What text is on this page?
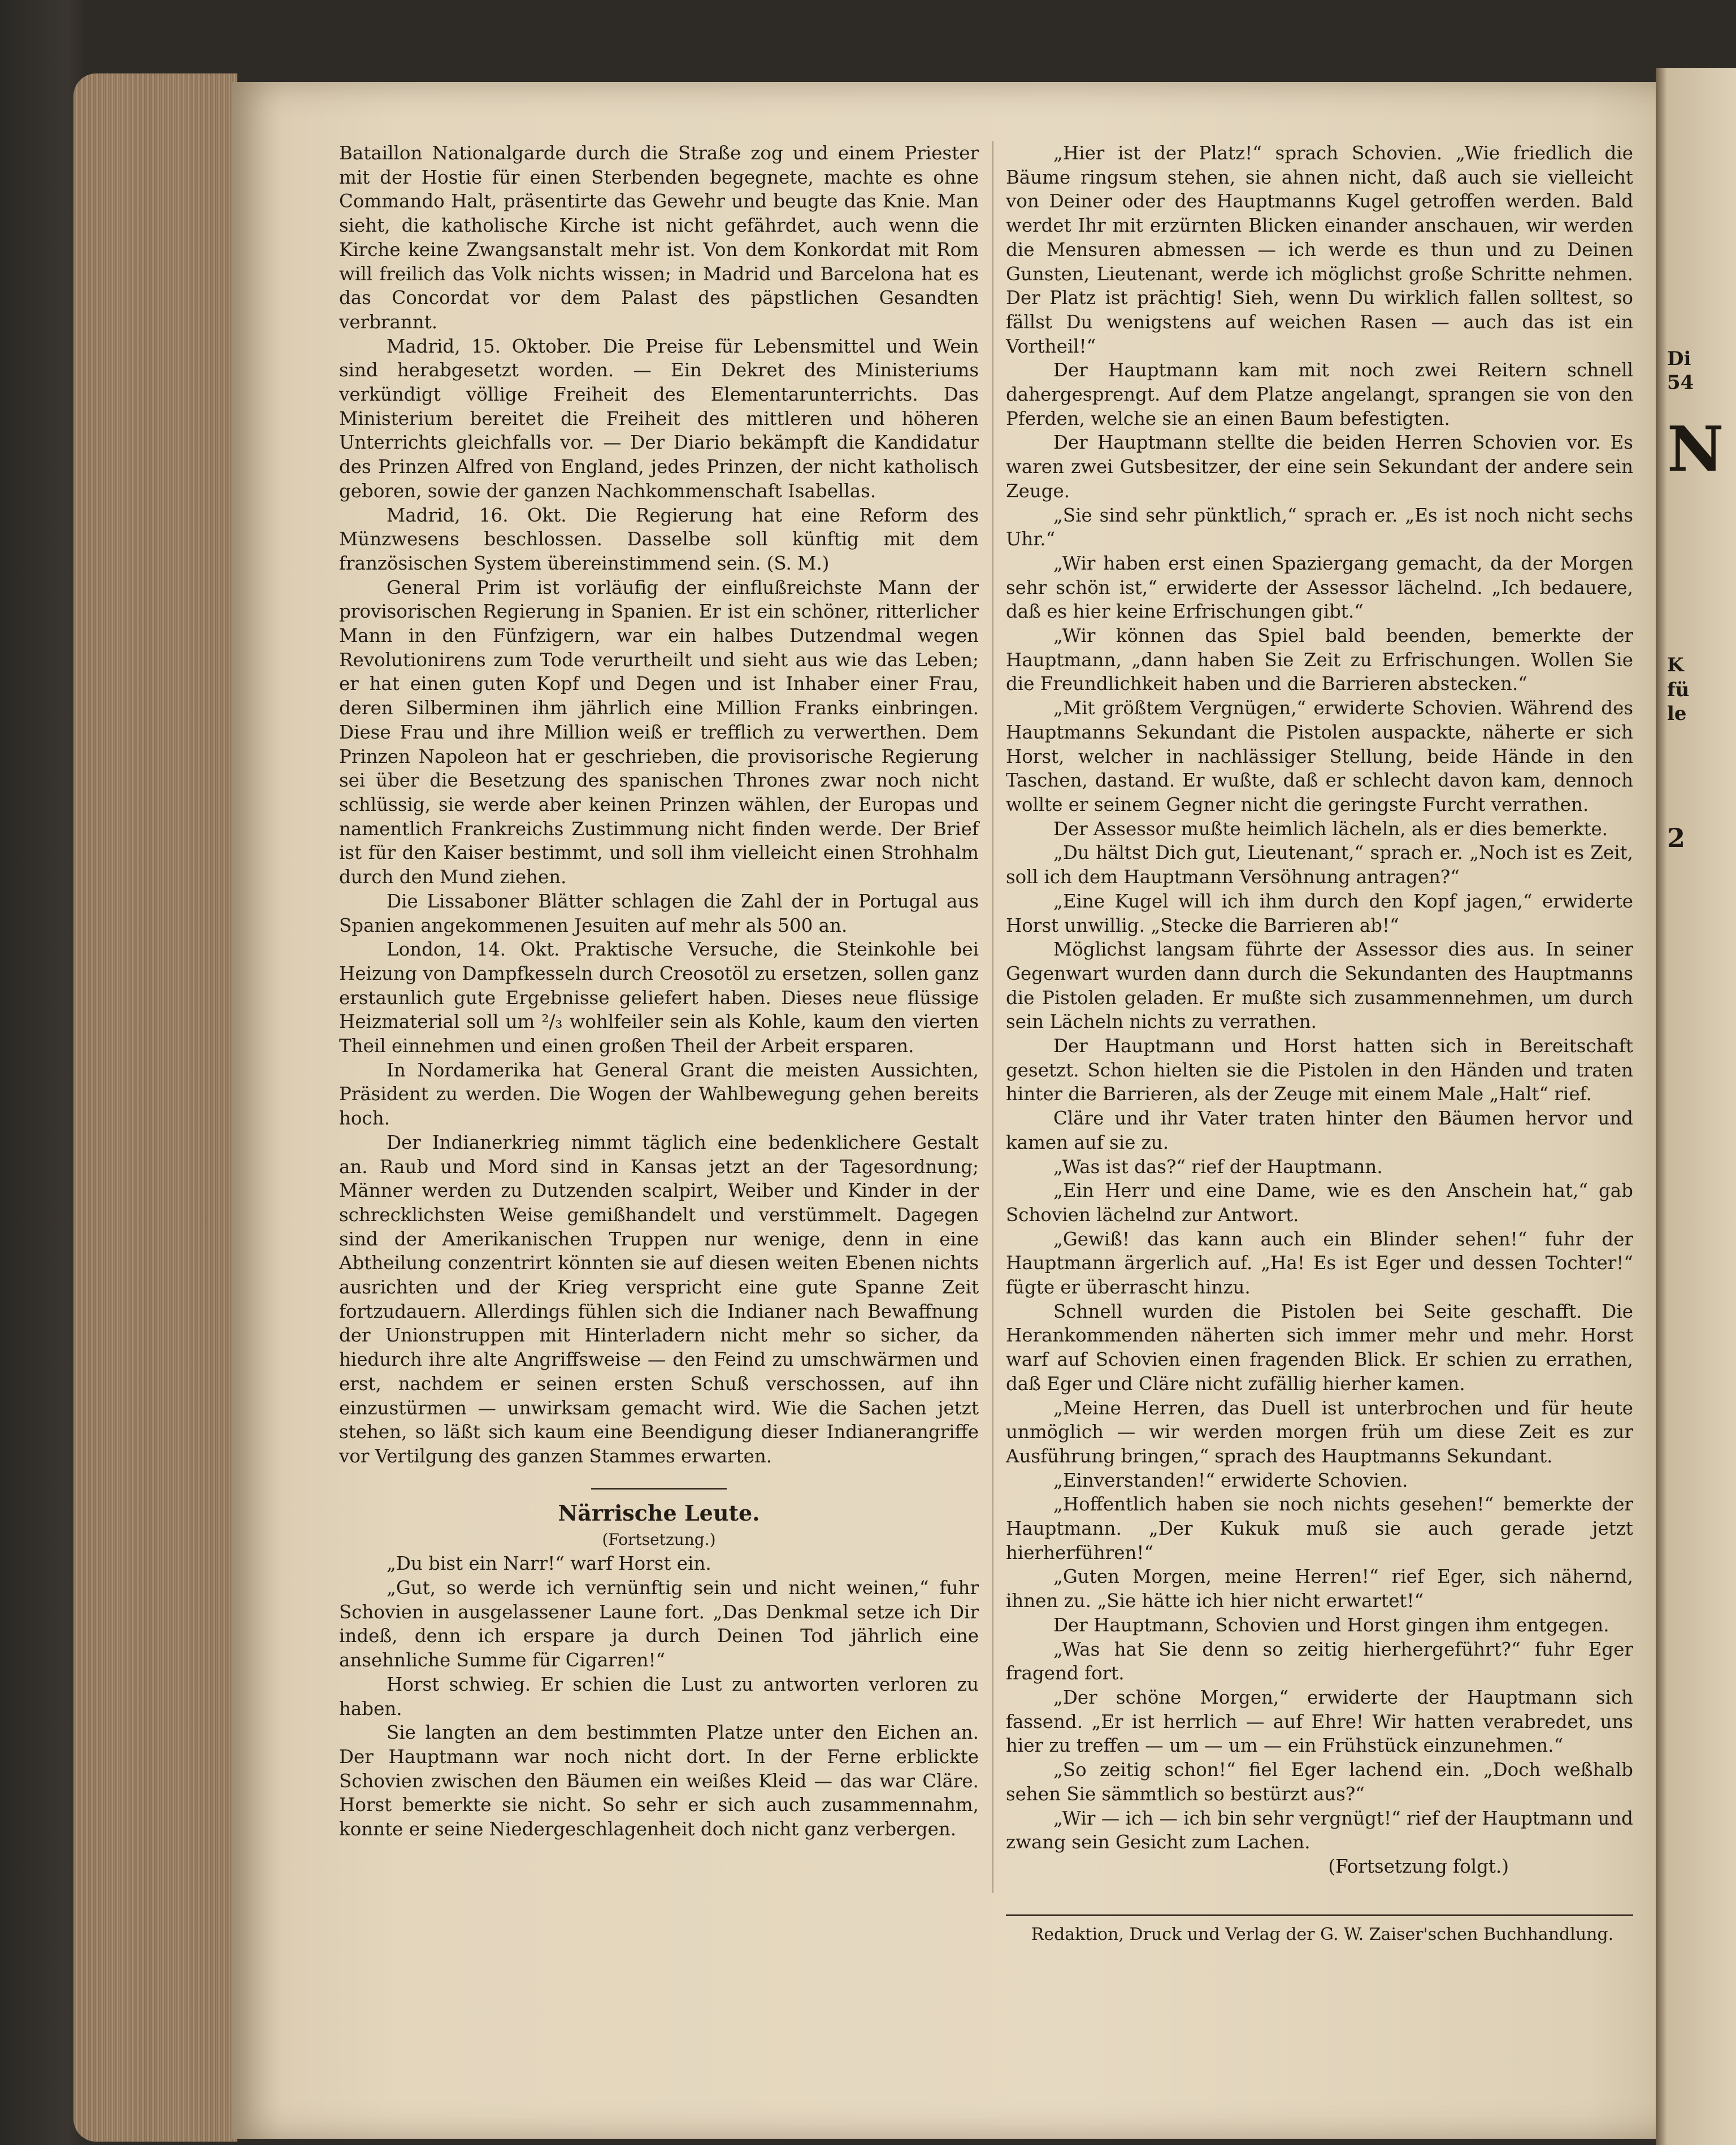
Di
54
N
K
fü
le
2

Bataillon Nationalgarde durch die Straße zog und einem Priester mit der Hostie für einen Sterbenden begegnete, machte es ohne Commando Halt, präsentirte das Gewehr und beugte das Knie. Man sieht, die katholische Kirche ist nicht gefährdet, auch wenn die Kirche keine Zwangsanstalt mehr ist. Von dem Konkordat mit Rom will freilich das Volk nichts wissen; in Madrid und Barcelona hat es das Concordat vor dem Palast des päpstlichen Gesandten verbrannt.

Madrid, 15. Oktober. Die Preise für Lebensmittel und Wein sind herabgesetzt worden. — Ein Dekret des Ministeriums verkündigt völlige Freiheit des Elementarunterrichts. Das Ministerium bereitet die Freiheit des mittleren und höheren Unterrichts gleichfalls vor. — Der Diario bekämpft die Kandidatur des Prinzen Alfred von England, jedes Prinzen, der nicht katholisch geboren, sowie der ganzen Nachkommenschaft Isabellas.

Madrid, 16. Okt. Die Regierung hat eine Reform des Münzwesens beschlossen. Dasselbe soll künftig mit dem französischen System übereinstimmend sein. (S. M.)

General Prim ist vorläufig der einflußreichste Mann der provisorischen Regierung in Spanien. Er ist ein schöner, ritterlicher Mann in den Fünfzigern, war ein halbes Dutzendmal wegen Revolutionirens zum Tode verurtheilt und sieht aus wie das Leben; er hat einen guten Kopf und Degen und ist Inhaber einer Frau, deren Silberminen ihm jährlich eine Million Franks einbringen. Diese Frau und ihre Million weiß er trefflich zu verwerthen. Dem Prinzen Napoleon hat er geschrieben, die provisorische Regierung sei über die Besetzung des spanischen Thrones zwar noch nicht schlüssig, sie werde aber keinen Prinzen wählen, der Europas und namentlich Frankreichs Zustimmung nicht finden werde. Der Brief ist für den Kaiser bestimmt, und soll ihm vielleicht einen Strohhalm durch den Mund ziehen.

Die Lissaboner Blätter schlagen die Zahl der in Portugal aus Spanien angekommenen Jesuiten auf mehr als 500 an.

London, 14. Okt. Praktische Versuche, die Steinkohle bei Heizung von Dampfkesseln durch Creosotöl zu ersetzen, sollen ganz erstaunlich gute Ergebnisse geliefert haben. Dieses neue flüssige Heizmaterial soll um ²/₃ wohlfeiler sein als Kohle, kaum den vierten Theil einnehmen und einen großen Theil der Arbeit ersparen.

In Nordamerika hat General Grant die meisten Aussichten, Präsident zu werden. Die Wogen der Wahlbewegung gehen bereits hoch.

Der Indianerkrieg nimmt täglich eine bedenklichere Gestalt an. Raub und Mord sind in Kansas jetzt an der Tagesordnung; Männer werden zu Dutzenden scalpirt, Weiber und Kinder in der schrecklichsten Weise gemißhandelt und verstümmelt. Dagegen sind der Amerikanischen Truppen nur wenige, denn in eine Abtheilung conzentrirt könnten sie auf diesen weiten Ebenen nichts ausrichten und der Krieg verspricht eine gute Spanne Zeit fortzudauern. Allerdings fühlen sich die Indianer nach Bewaffnung der Unionstruppen mit Hinterladern nicht mehr so sicher, da hiedurch ihre alte Angriffsweise — den Feind zu umschwärmen und erst, nachdem er seinen ersten Schuß verschossen, auf ihn einzustürmen — unwirksam gemacht wird. Wie die Sachen jetzt stehen, so läßt sich kaum eine Beendigung dieser Indianerangriffe vor Vertilgung des ganzen Stammes erwarten.

Närrische Leute.

(Fortsetzung.)

„Du bist ein Narr!“ warf Horst ein.

„Gut, so werde ich vernünftig sein und nicht weinen,“ fuhr Schovien in ausgelassener Laune fort. „Das Denkmal setze ich Dir indeß, denn ich erspare ja durch Deinen Tod jährlich eine ansehnliche Summe für Cigarren!“

Horst schwieg. Er schien die Lust zu antworten verloren zu haben.

Sie langten an dem bestimmten Platze unter den Eichen an. Der Hauptmann war noch nicht dort. In der Ferne erblickte Schovien zwischen den Bäumen ein weißes Kleid — das war Cläre. Horst bemerkte sie nicht. So sehr er sich auch zusammennahm, konnte er seine Niedergeschlagenheit doch nicht ganz verbergen.

„Hier ist der Platz!“ sprach Schovien. „Wie friedlich die Bäume ringsum stehen, sie ahnen nicht, daß auch sie vielleicht von Deiner oder des Hauptmanns Kugel getroffen werden. Bald werdet Ihr mit erzürnten Blicken einander anschauen, wir werden die Mensuren abmessen — ich werde es thun und zu Deinen Gunsten, Lieutenant, werde ich möglichst große Schritte nehmen. Der Platz ist prächtig! Sieh, wenn Du wirklich fallen solltest, so fällst Du wenigstens auf weichen Rasen — auch das ist ein Vortheil!“

Der Hauptmann kam mit noch zwei Reitern schnell dahergesprengt. Auf dem Platze angelangt, sprangen sie von den Pferden, welche sie an einen Baum befestigten.

Der Hauptmann stellte die beiden Herren Schovien vor. Es waren zwei Gutsbesitzer, der eine sein Sekundant der andere sein Zeuge.

„Sie sind sehr pünktlich,“ sprach er. „Es ist noch nicht sechs Uhr.“

„Wir haben erst einen Spaziergang gemacht, da der Morgen sehr schön ist,“ erwiderte der Assessor lächelnd. „Ich bedauere, daß es hier keine Erfrischungen gibt.“

„Wir können das Spiel bald beenden, bemerkte der Hauptmann, „dann haben Sie Zeit zu Erfrischungen. Wollen Sie die Freundlichkeit haben und die Barrieren abstecken.“

„Mit größtem Vergnügen,“ erwiderte Schovien. Während des Hauptmanns Sekundant die Pistolen auspackte, näherte er sich Horst, welcher in nachlässiger Stellung, beide Hände in den Taschen, dastand. Er wußte, daß er schlecht davon kam, dennoch wollte er seinem Gegner nicht die geringste Furcht verrathen.

Der Assessor mußte heimlich lächeln, als er dies bemerkte.

„Du hältst Dich gut, Lieutenant,“ sprach er. „Noch ist es Zeit, soll ich dem Hauptmann Versöhnung antragen?“

„Eine Kugel will ich ihm durch den Kopf jagen,“ erwiderte Horst unwillig. „Stecke die Barrieren ab!“

Möglichst langsam führte der Assessor dies aus. In seiner Gegenwart wurden dann durch die Sekundanten des Hauptmanns die Pistolen geladen. Er mußte sich zusammennehmen, um durch sein Lächeln nichts zu verrathen.

Der Hauptmann und Horst hatten sich in Bereitschaft gesetzt. Schon hielten sie die Pistolen in den Händen und traten hinter die Barrieren, als der Zeuge mit einem Male „Halt“ rief.

Cläre und ihr Vater traten hinter den Bäumen hervor und kamen auf sie zu.

„Was ist das?“ rief der Hauptmann.

„Ein Herr und eine Dame, wie es den Anschein hat,“ gab Schovien lächelnd zur Antwort.

„Gewiß! das kann auch ein Blinder sehen!“ fuhr der Hauptmann ärgerlich auf. „Ha! Es ist Eger und dessen Tochter!“ fügte er überrascht hinzu.

Schnell wurden die Pistolen bei Seite geschafft. Die Herankommenden näherten sich immer mehr und mehr. Horst warf auf Schovien einen fragenden Blick. Er schien zu errathen, daß Eger und Cläre nicht zufällig hierher kamen.

„Meine Herren, das Duell ist unterbrochen und für heute unmöglich — wir werden morgen früh um diese Zeit es zur Ausführung bringen,“ sprach des Hauptmanns Sekundant.

„Einverstanden!“ erwiderte Schovien.

„Hoffentlich haben sie noch nichts gesehen!“ bemerkte der Hauptmann. „Der Kukuk muß sie auch gerade jetzt hierherführen!“

„Guten Morgen, meine Herren!“ rief Eger, sich nähernd, ihnen zu. „Sie hätte ich hier nicht erwartet!“

Der Hauptmann, Schovien und Horst gingen ihm entgegen.

„Was hat Sie denn so zeitig hierhergeführt?“ fuhr Eger fragend fort.

„Der schöne Morgen,“ erwiderte der Hauptmann sich fassend. „Er ist herrlich — auf Ehre! Wir hatten verabredet, uns hier zu treffen — um — um — ein Frühstück einzunehmen.“

„So zeitig schon!“ fiel Eger lachend ein. „Doch weßhalb sehen Sie sämmtlich so bestürzt aus?“

„Wir — ich — ich bin sehr vergnügt!“ rief der Hauptmann und zwang sein Gesicht zum Lachen.

(Fortsetzung folgt.)

Redaktion, Druck und Verlag der G. W. Zaiser'schen Buchhandlung.
